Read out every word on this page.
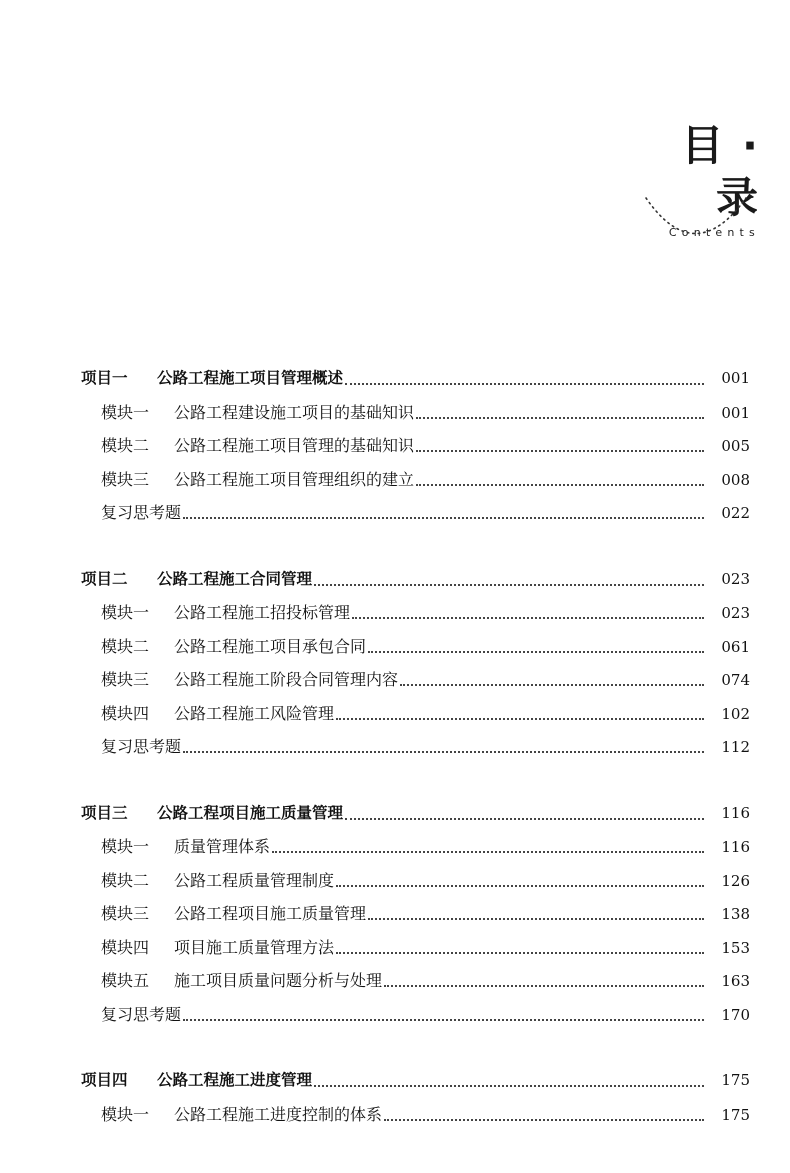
目 · 录
Contents
项目一 公路工程施工项目管理概述	001
模块一 公路工程建设施工项目的基础知识	001
模块二 公路工程施工项目管理的基础知识	005
模块三 公路工程施工项目管理组织的建立	008
复习思考题	022
项目二 公路工程施工合同管理	023
模块一 公路工程施工招投标管理	023
模块二 公路工程施工项目承包合同	061
模块三 公路工程施工阶段合同管理内容	074
模块四 公路工程施工风险管理	102
复习思考题	112
项目三 公路工程项目施工质量管理	116
模块一 质量管理体系	116
模块二 公路工程质量管理制度	126
模块三 公路工程项目施工质量管理	138
模块四 项目施工质量管理方法	153
模块五 施工项目质量问题分析与处理	163
复习思考题	170
项目四 公路工程施工进度管理	175
模块一 公路工程施工进度控制的体系	175
